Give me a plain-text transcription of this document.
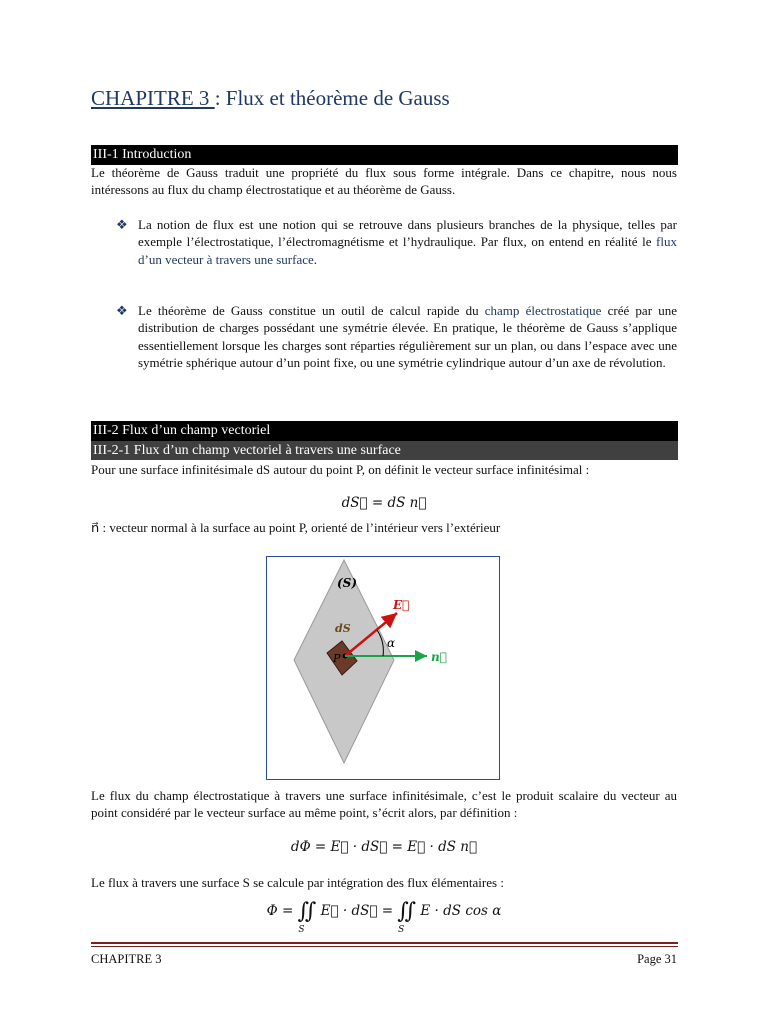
CHAPITRE 3 : Flux et théorème de Gauss
III-1 Introduction
Le théorème de Gauss traduit une propriété du flux sous forme intégrale. Dans ce chapitre, nous nous intéressons au flux du champ électrostatique et au théorème de Gauss.
❖ La notion de flux est une notion qui se retrouve dans plusieurs branches de la physique, telles par exemple l’électrostatique, l’électromagnétisme et l’hydraulique. Par flux, on entend en réalité le flux d’un vecteur à travers une surface.
❖ Le théorème de Gauss constitue un outil de calcul rapide du champ électrostatique créé par une distribution de charges possédant une symétrie élevée. En pratique, le théorème de Gauss s’applique essentiellement lorsque les charges sont réparties régulièrement sur un plan, ou dans l’espace avec une symétrie sphérique autour d’un point fixe, ou une symétrie cylindrique autour d’un axe de révolution.
III-2 Flux d’un champ vectoriel
III-2-1 Flux d’un champ vectoriel à travers une surface
Pour une surface infinitésimale dS autour du point P, on définit le vecteur surface infinitésimal :
dS⃗ = dS n⃗
n⃗ : vecteur normal à la surface au point P, orienté de l’intérieur vers l’extérieur
(S)
E⃗
dS
α
P	n⃗
Le flux du champ électrostatique à travers une surface infinitésimale, c’est le produit scalaire du vecteur au point considéré par le vecteur surface au même point, s’écrit alors, par définition :
dΦ = E⃗ · dS⃗ = E⃗ · dS n⃗
Le flux à travers une surface S se calcule par intégration des flux élémentaires :
Φ = ∬
S
E⃗ · dS⃗ = ∬
S
E · dS cos α
CHAPITRE 3	Page 31
